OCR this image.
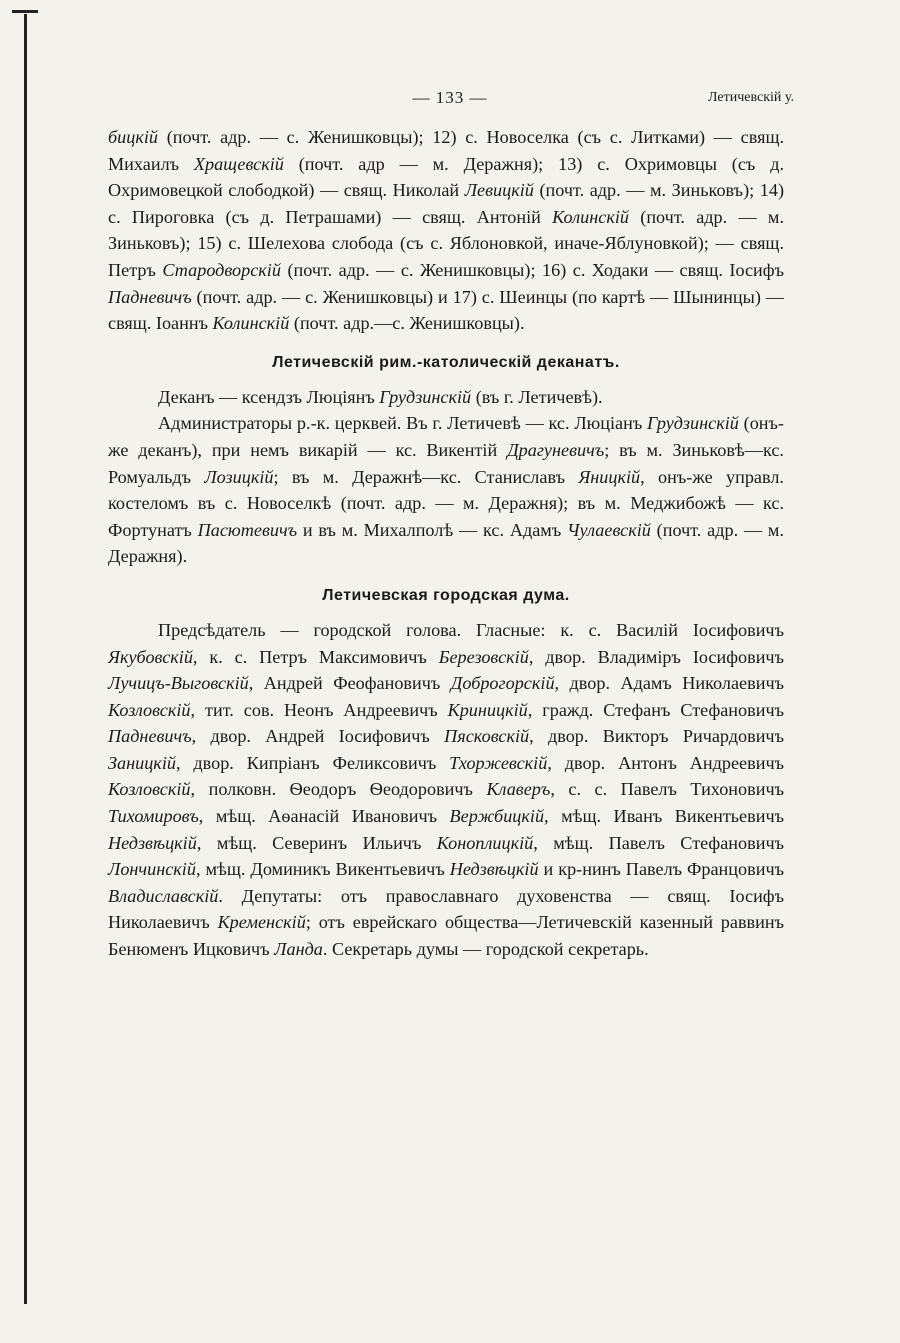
— 133 —	Летичевскій у.

бицкій (почт. адр. — с. Женишковцы); 12) с. Новоселка (съ с. Литками) — свящ. Михаилъ Хращевскій (почт. адр — м. Деражня); 13) с. Охримовцы (съ д. Охримовецкой слободкой) — свящ. Николай Левицкій (почт. адр. — м. Зиньковъ); 14) с. Пироговка (съ д. Петрашами) — свящ. Антоній Колинскій (почт. адр. — м. Зиньковъ); 15) с. Шелехова слобода (съ с. Яблоновкой, иначе-Яблуновкой); — свящ. Петръ Стародворскій (почт. адр. — с. Женишковцы); 16) с. Ходаки — свящ. Іосифъ Падневичъ (почт. адр. — с. Женишковцы) и 17) с. Шеинцы (по картѣ — Шынинцы) — свящ. Іоаннъ Колинскій (почт. адр.—с. Женишковцы).

Летичевскій рим.-католическій деканатъ.

Деканъ — ксендзъ Люціянъ Грудзинскій (въ г. Летичевѣ).

Администраторы р.-к. церквей. Въ г. Летичевѣ — кс. Люціанъ Грудзинскій (онъ-же деканъ), при немъ викарій — кс. Викентій Драгуневичъ; въ м. Зиньковѣ—кс. Ромуальдъ Лозицкій; въ м. Деражнѣ—кс. Станиславъ Яницкій, онъ-же управл. костеломъ въ с. Новоселкѣ (почт. адр. — м. Деражня); въ м. Меджибожѣ — кс. Фортунатъ Пасютевичъ и въ м. Михалполѣ — кс. Адамъ Чулаевскій (почт. адр. — м. Деражня).

Летичевская городская дума.

Предсѣдатель — городской голова. Гласные: к. с. Василій Іосифовичъ Якубовскій, к. с. Петръ Максимовичъ Березовскій, двор. Владиміръ Іосифовичъ Лучицъ-Выговскій, Андрей Феофановичъ Доброгорскій, двор. Адамъ Николаевичъ Козловскій, тит. сов. Неонъ Андреевичъ Криницкій, гражд. Стефанъ Стефановичъ Падневичъ, двор. Андрей Іосифовичъ Пясковскій, двор. Викторъ Ричардовичъ Заницкій, двор. Кипріанъ Феликсовичъ Тхоржевскій, двор. Антонъ Андреевичъ Козловскій, полковн. Ѳеодоръ Ѳеодоровичъ Клаверъ, с. с. Павелъ Тихоновичъ Тихомировъ, мѣщ. Аѳанасій Ивановичъ Вержбицкій, мѣщ. Иванъ Викентьевичъ Недзвѣцкій, мѣщ. Северинъ Ильичъ Коноплицкій, мѣщ. Павелъ Стефановичъ Лончинскій, мѣщ. Доминикъ Викентьевичъ Недзвѣцкій и кр-нинъ Павелъ Францовичъ Владиславскій. Депутаты: отъ православнаго духовенства — свящ. Іосифъ Николаевичъ Кременскій; отъ еврейскаго общества—Летичевскій казенный раввинъ Бенюменъ Ицковичъ Ланда. Секретарь думы — городской секретарь.
